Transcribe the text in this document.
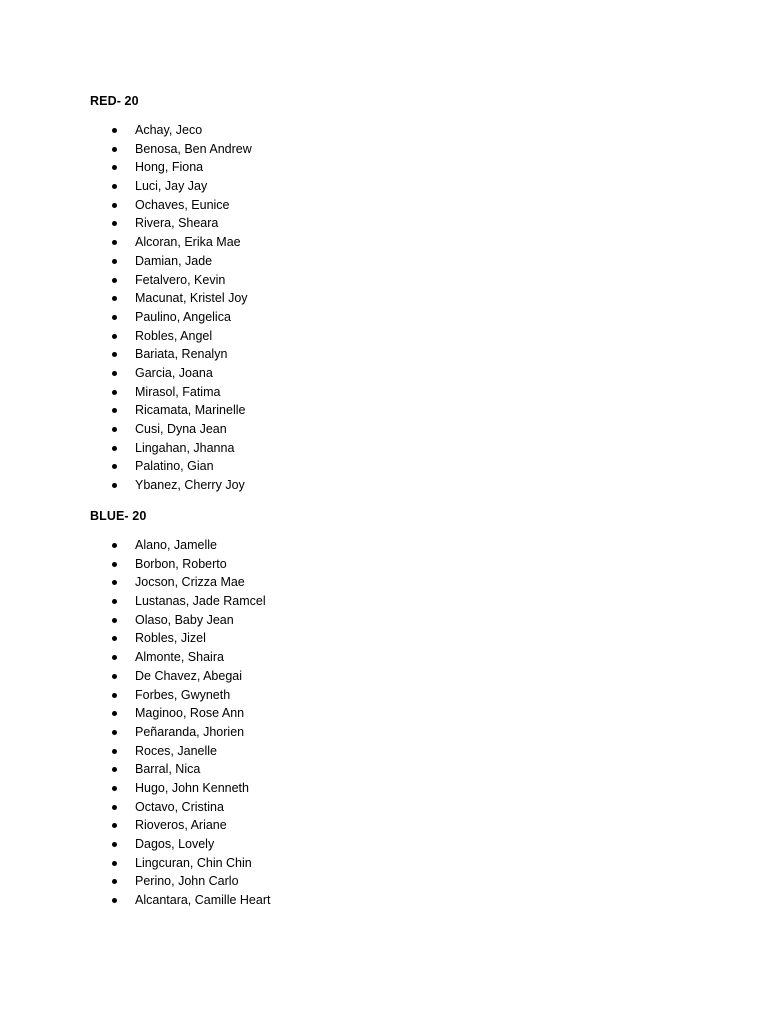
RED- 20
Achay, Jeco
Benosa, Ben Andrew
Hong, Fiona
Luci, Jay Jay
Ochaves, Eunice
Rivera, Sheara
Alcoran, Erika Mae
Damian, Jade
Fetalvero, Kevin
Macunat, Kristel Joy
Paulino, Angelica
Robles, Angel
Bariata, Renalyn
Garcia, Joana
Mirasol, Fatima
Ricamata, Marinelle
Cusi, Dyna Jean
Lingahan, Jhanna
Palatino, Gian
Ybanez, Cherry Joy
BLUE- 20
Alano, Jamelle
Borbon, Roberto
Jocson, Crizza Mae
Lustanas, Jade Ramcel
Olaso, Baby Jean
Robles, Jizel
Almonte, Shaira
De Chavez, Abegai
Forbes, Gwyneth
Maginoo, Rose Ann
Peñaranda, Jhorien
Roces, Janelle
Barral, Nica
Hugo, John Kenneth
Octavo, Cristina
Rioveros, Ariane
Dagos, Lovely
Lingcuran, Chin Chin
Perino, John Carlo
Alcantara, Camille Heart
